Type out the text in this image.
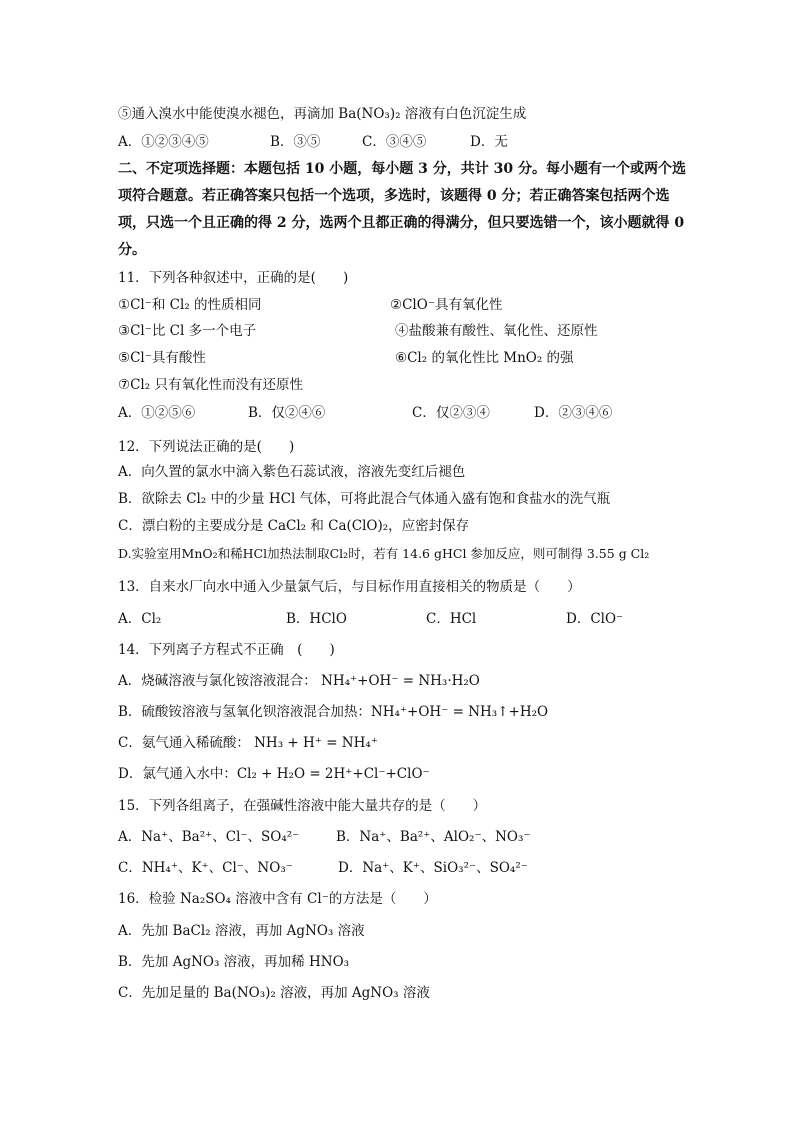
⑤通入溴水中能使溴水褪色，再滴加 Ba(NO₃)₂ 溶液有白色沉淀生成
A．①②③④⑤	B．③⑤	C．③④⑤	D．无
二、不定项选择题：本题包括 10 小题，每小题 3 分，共计 30 分。每小题有一个或两个选
项符合题意。若正确答案只包括一个选项，多选时，该题得 0 分；若正确答案包括两个选
项，只选一个且正确的得 2 分，选两个且都正确的得满分，但只要选错一个，该小题就得 0
分。
11．下列各种叙述中，正确的是(　　)
①Cl⁻和 Cl₂ 的性质相同	②ClO⁻具有氧化性
③Cl⁻比 Cl 多一个电子	④盐酸兼有酸性、氧化性、还原性
⑤Cl⁻具有酸性	⑥Cl₂ 的氧化性比 MnO₂ 的强
⑦Cl₂ 只有氧化性而没有还原性
A．①②⑤⑥	B．仅②④⑥	C．仅②③④	D．②③④⑥
12．下列说法正确的是(　　)
A．向久置的氯水中滴入紫色石蕊试液，溶液先变红后褪色
B．欲除去 Cl₂ 中的少量 HCl 气体，可将此混合气体通入盛有饱和食盐水的洗气瓶
C．漂白粉的主要成分是 CaCl₂ 和 Ca(ClO)₂，应密封保存
D.实验室用MnO₂和稀HCl加热法制取Cl₂时，若有 14.6 gHCl 参加反应，则可制得 3.55 g Cl₂
13．自来水厂向水中通入少量氯气后，与目标作用直接相关的物质是（　　）
A．Cl₂	B．HClO	C．HCl	D．ClO⁻
14．下列离子方程式不正确　(　　)
A．烧碱溶液与氯化铵溶液混合： NH₄⁺+OH⁻ = NH₃·H₂O
B．硫酸铵溶液与氢氧化钡溶液混合加热：NH₄⁺+OH⁻ = NH₃↑+H₂O
C．氨气通入稀硫酸： NH₃ + H⁺ = NH₄⁺
D．氯气通入水中：Cl₂ + H₂O = 2H⁺+Cl⁻+ClO⁻
15．下列各组离子，在强碱性溶液中能大量共存的是（　　）
A．Na⁺、Ba²⁺、Cl⁻、SO₄²⁻	B．Na⁺、Ba²⁺、AlO₂⁻、NO₃⁻
C．NH₄⁺、K⁺、Cl⁻、NO₃⁻	D．Na⁺、K⁺、SiO₃²⁻、SO₄²⁻
16．检验 Na₂SO₄ 溶液中含有 Cl⁻的方法是（　　）
A．先加 BaCl₂ 溶液，再加 AgNO₃ 溶液
B．先加 AgNO₃ 溶液，再加稀 HNO₃
C．先加足量的 Ba(NO₃)₂ 溶液，再加 AgNO₃ 溶液
